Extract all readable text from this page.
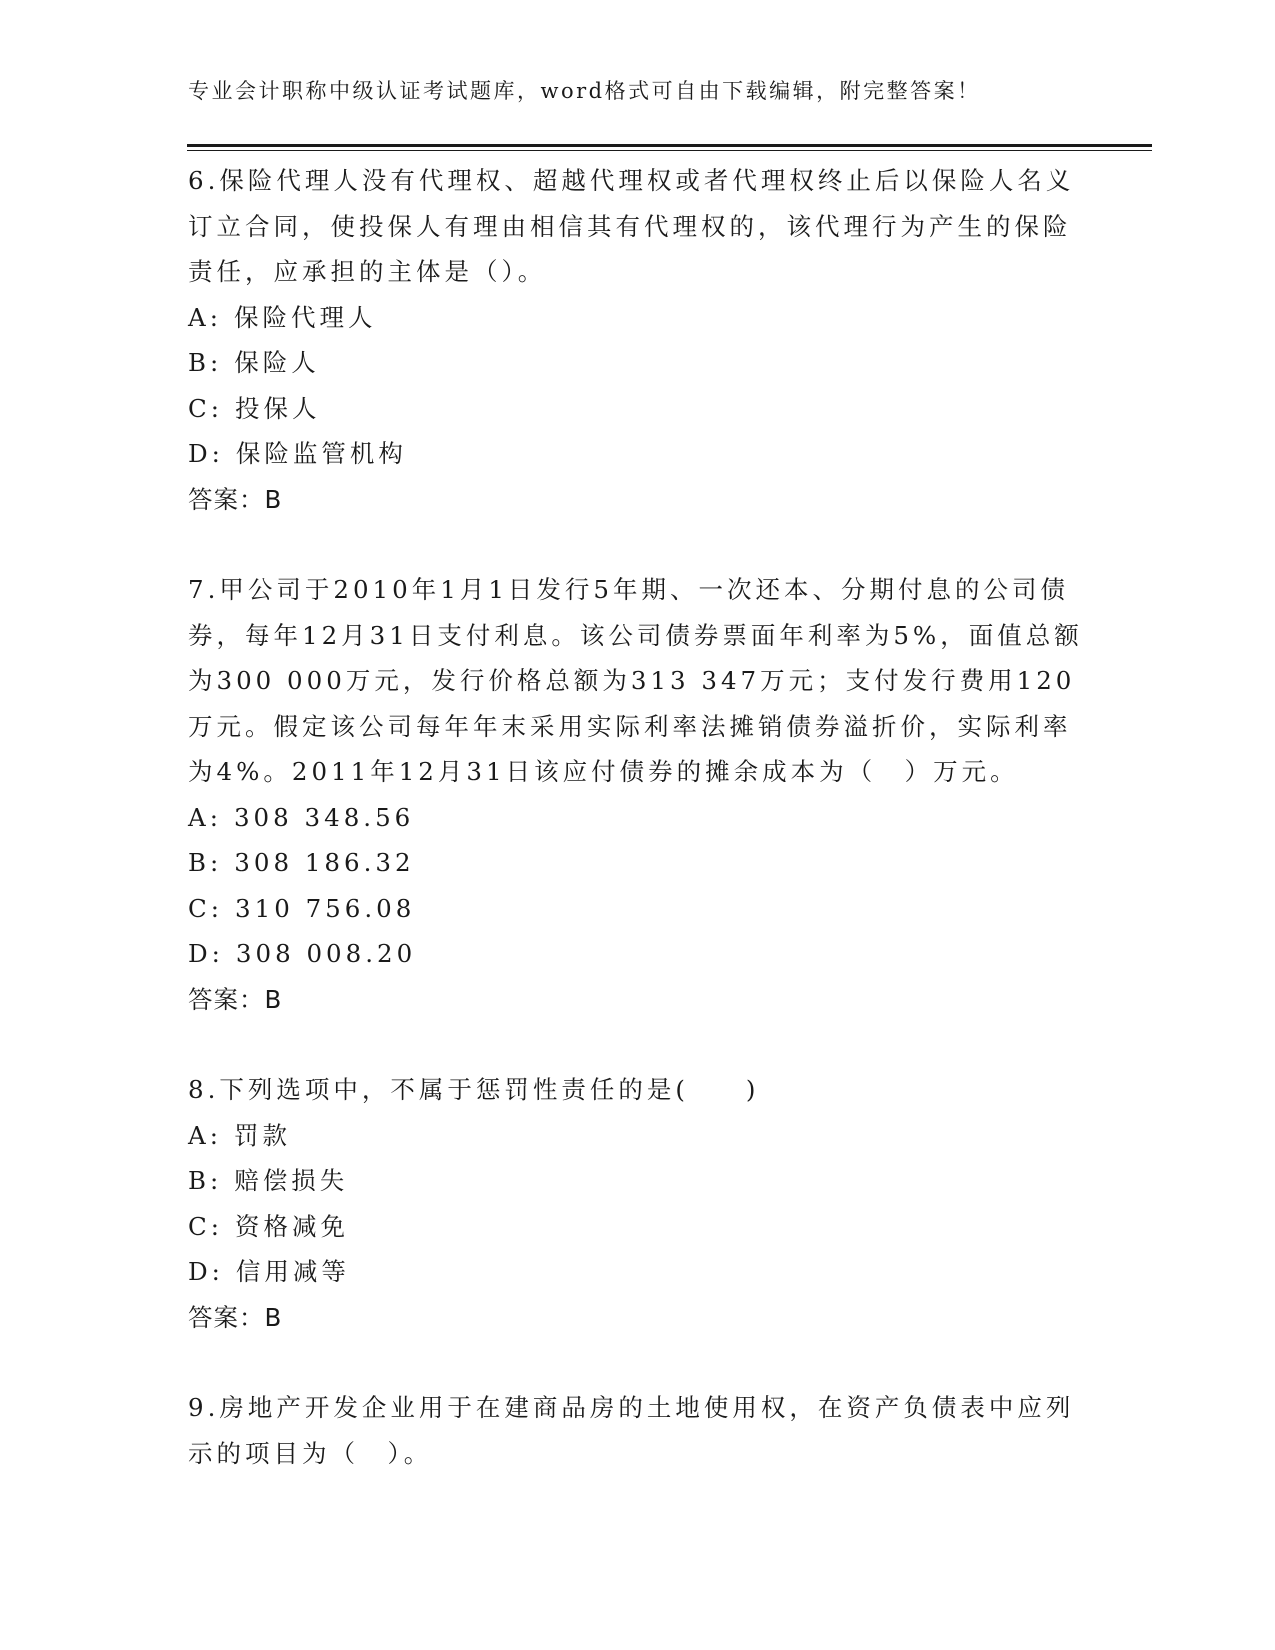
专业会计职称中级认证考试题库，word格式可自由下载编辑，附完整答案！

6.保险代理人没有代理权、超越代理权或者代理权终止后以保险人名义订立合同，使投保人有理由相信其有代理权的，该代理行为产生的保险责任，应承担的主体是（）。

A: 保险代理人
B: 保险人
C: 投保人
D: 保险监管机构

答案：B

7.甲公司于2010年1月1日发行5年期、一次还本、分期付息的公司债券，每年12月31日支付利息。该公司债券票面年利率为5%，面值总额为300 000万元，发行价格总额为313 347万元；支付发行费用120万元。假定该公司每年年末采用实际利率法摊销债券溢折价，实际利率为4%。2011年12月31日该应付债券的摊余成本为（　）万元。

A: 308 348.56
B: 308 186.32
C: 310 756.08
D: 308 008.20

答案：B

8.下列选项中，不属于惩罚性责任的是(　　)

A: 罚款
B: 赔偿损失
C: 资格减免
D: 信用减等

答案：B

9.房地产开发企业用于在建商品房的土地使用权，在资产负债表中应列示的项目为（　）。
